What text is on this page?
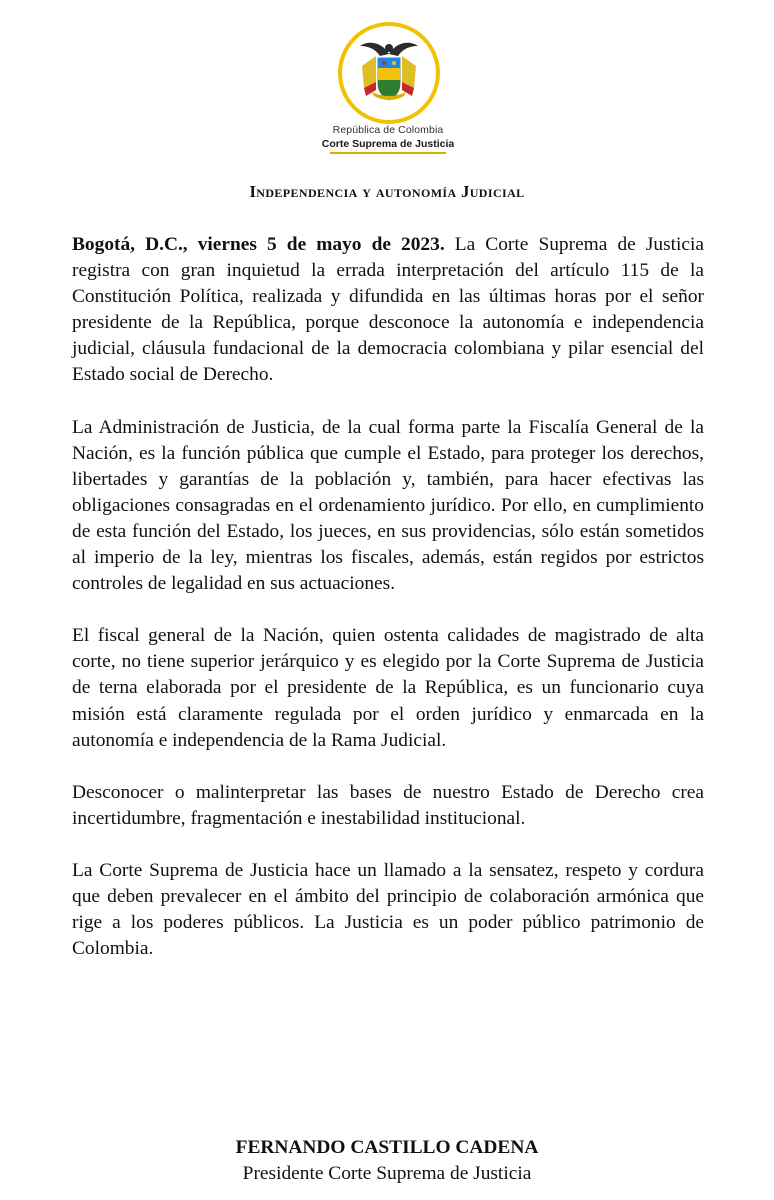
República de Colombia
Corte Suprema de Justicia
Independencia y autonomía Judicial

Bogotá, D.C., viernes 5 de mayo de 2023. La Corte Suprema de Justicia registra con gran inquietud la errada interpretación del artículo 115 de la Constitución Política, realizada y difundida en las últimas horas por el señor presidente de la República, porque desconoce la autonomía e independencia judicial, cláusula fundacional de la democracia colombiana y pilar esencial del Estado social de Derecho.

La Administración de Justicia, de la cual forma parte la Fiscalía General de la Nación, es la función pública que cumple el Estado, para proteger los derechos, libertades y garantías de la población y, también, para hacer efectivas las obligaciones consagradas en el ordenamiento jurídico. Por ello, en cumplimiento de esta función del Estado, los jueces, en sus providencias, sólo están sometidos al imperio de la ley, mientras los fiscales, además, están regidos por estrictos controles de legalidad en sus actuaciones.

El fiscal general de la Nación, quien ostenta calidades de magistrado de alta corte, no tiene superior jerárquico y es elegido por la Corte Suprema de Justicia de terna elaborada por el presidente de la República, es un funcionario cuya misión está claramente regulada por el orden jurídico y enmarcada en la autonomía e independencia de la Rama Judicial.

Desconocer o malinterpretar las bases de nuestro Estado de Derecho crea incertidumbre, fragmentación e inestabilidad institucional.

La Corte Suprema de Justicia hace un llamado a la sensatez, respeto y cordura que deben prevalecer en el ámbito del principio de colaboración armónica que rige a los poderes públicos. La Justicia es un poder público patrimonio de Colombia.

FERNANDO CASTILLO CADENA
Presidente Corte Suprema de Justicia
